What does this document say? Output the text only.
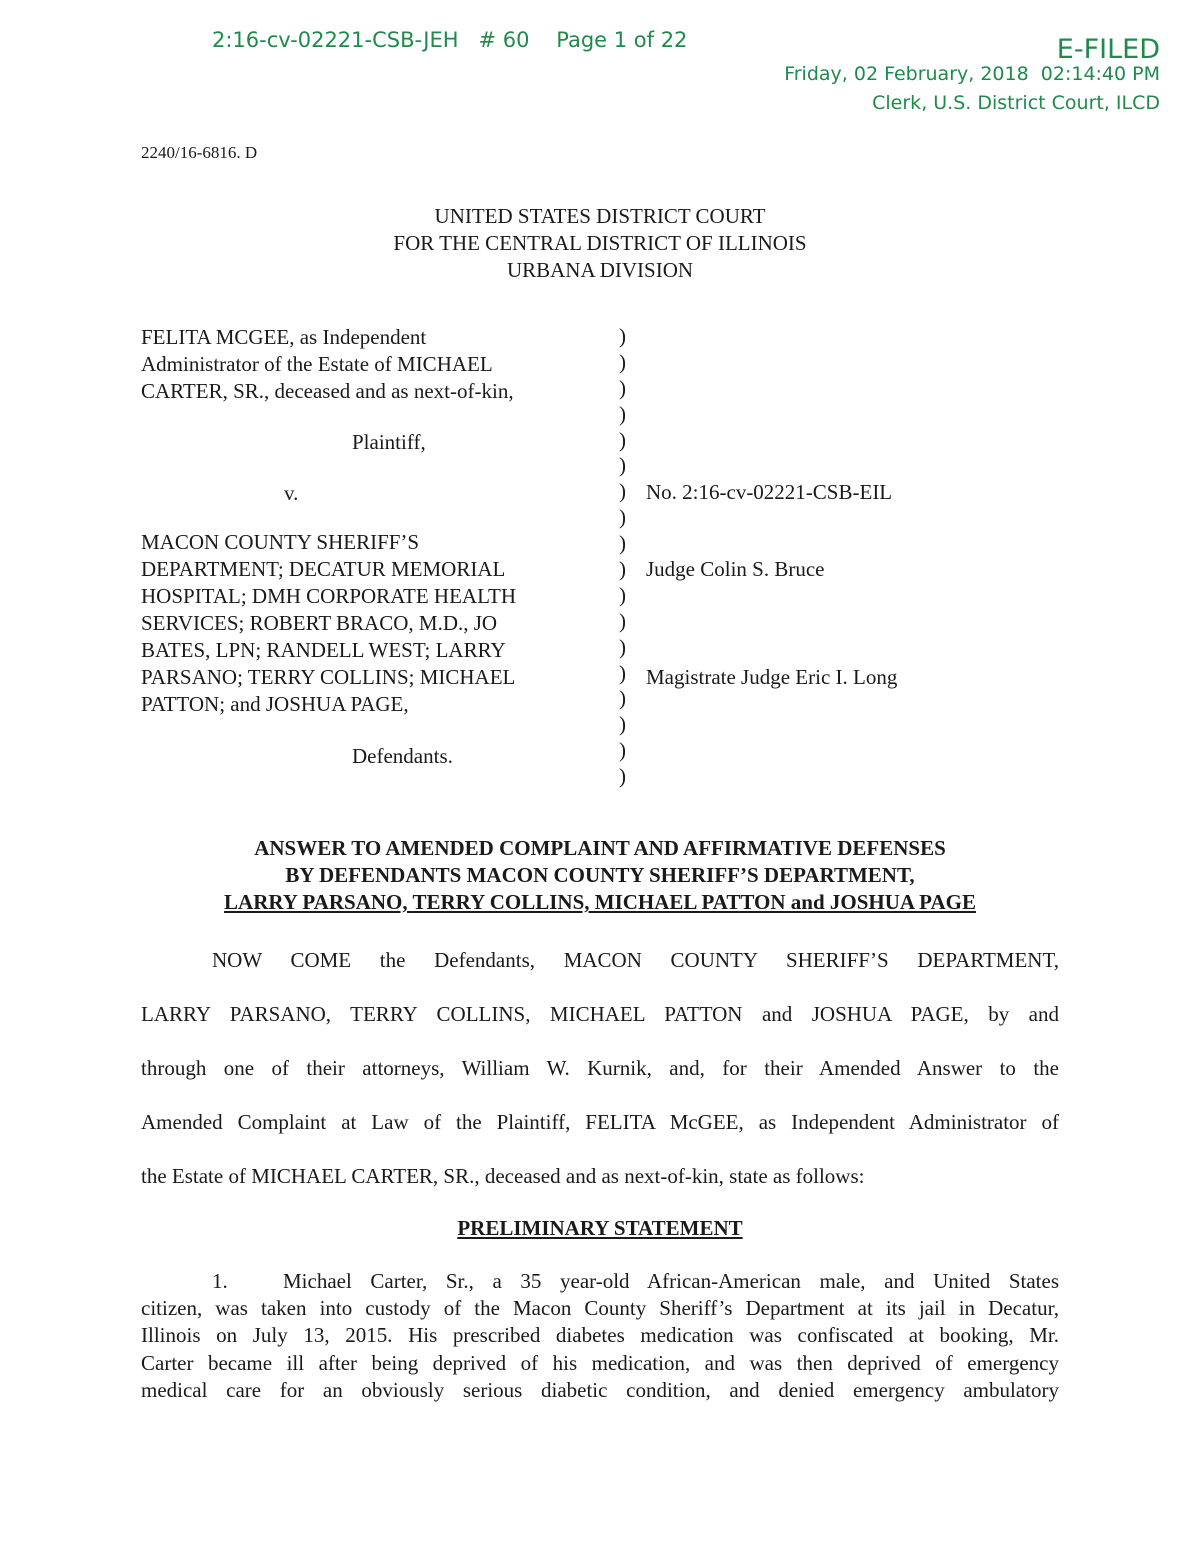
2:16-cv-02221-CSB-JEH   # 60    Page 1 of 22	E-FILED
Friday, 02 February, 2018  02:14:40 PM
Clerk, U.S. District Court, ILCD
2240/16-6816. D
UNITED STATES DISTRICT COURT
FOR THE CENTRAL DISTRICT OF ILLINOIS
URBANA DIVISION
FELITA MCGEE, as Independent
Administrator of the Estate of MICHAEL
CARTER, SR., deceased and as next-of-kin,
Plaintiff,
v.
MACON COUNTY SHERIFF’S
DEPARTMENT; DECATUR MEMORIAL
HOSPITAL; DMH CORPORATE HEALTH
SERVICES; ROBERT BRACO, M.D., JO
BATES, LPN; RANDELL WEST; LARRY
PARSANO; TERRY COLLINS; MICHAEL
PATTON; and JOSHUA PAGE,
Defendants.
)
)
)
)
)
)
)
)
)
)
)
)
)
)
)
)
)
)
No. 2:16-cv-02221-CSB-EIL
Judge Colin S. Bruce
Magistrate Judge Eric I. Long
ANSWER TO AMENDED COMPLAINT AND AFFIRMATIVE DEFENSES
BY DEFENDANTS MACON COUNTY SHERIFF’S DEPARTMENT,
LARRY PARSANO, TERRY COLLINS, MICHAEL PATTON and JOSHUA PAGE
NOW COME the Defendants, MACON COUNTY SHERIFF’S DEPARTMENT,
LARRY PARSANO, TERRY COLLINS, MICHAEL PATTON and JOSHUA PAGE, by and
through one of their attorneys, William W. Kurnik, and, for their Amended Answer to the
Amended Complaint at Law of the Plaintiff, FELITA McGEE, as Independent Administrator of
the Estate of MICHAEL CARTER, SR., deceased and as next-of-kin, state as follows:
PRELIMINARY STATEMENT
1.	Michael Carter, Sr., a 35 year-old African-American male, and United States
citizen, was taken into custody of the Macon County Sheriff’s Department at its jail in Decatur,
Illinois on July 13, 2015. His prescribed diabetes medication was confiscated at booking, Mr.
Carter became ill after being deprived of his medication, and was then deprived of emergency
medical care for an obviously serious diabetic condition, and denied emergency ambulatory
